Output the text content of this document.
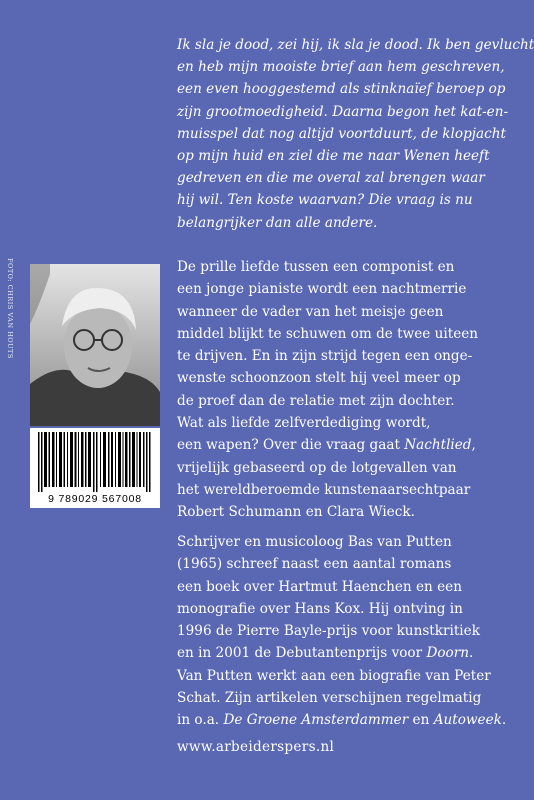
Ik sla je dood, zei hij, ik sla je dood. Ik ben gevlucht
en heb mijn mooiste brief aan hem geschreven,
een even hooggestemd als stinknaïef beroep op
zijn grootmoedigheid. Daarna begon het kat-en-
muisspel dat nog altijd voortduurt, de klopjacht
op mijn huid en ziel die me naar Wenen heeft
gedreven en die me overal zal brengen waar
hij wil. Ten koste waarvan? Die vraag is nu
belangrijker dan alle andere.
FOTO: CHRIS VAN HOUTS
9 789029 567008
De prille liefde tussen een componist en
een jonge pianiste wordt een nachtmerrie
wanneer de vader van het meisje geen
middel blijkt te schuwen om de twee uiteen
te drijven. En in zijn strijd tegen een onge-
wenste schoonzoon stelt hij veel meer op
de proef dan de relatie met zijn dochter.
Wat als liefde zelfverdediging wordt,
een wapen? Over die vraag gaat Nachtlied,
vrijelijk gebaseerd op de lotgevallen van
het wereldberoemde kunstenaarsechtpaar
Robert Schumann en Clara Wieck.
Schrijver en musicoloog Bas van Putten
(1965) schreef naast een aantal romans
een boek over Hartmut Haenchen en een
monografie over Hans Kox. Hij ontving in
1996 de Pierre Bayle-prijs voor kunstkritiek
en in 2001 de Debutantenprijs voor Doorn.
Van Putten werkt aan een biografie van Peter
Schat. Zijn artikelen verschijnen regelmatig
in o.a. De Groene Amsterdammer en Autoweek.
www.arbeiderspers.nl
